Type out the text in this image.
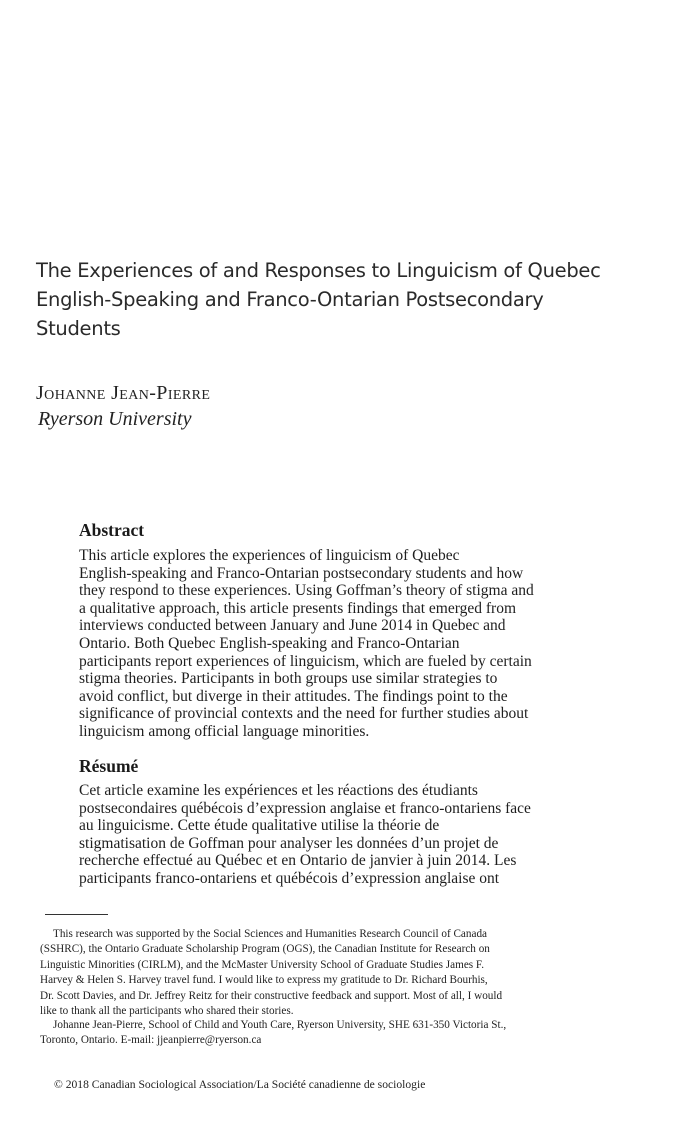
The Experiences of and Responses to Linguicism of Quebec
English-Speaking and Franco-Ontarian Postsecondary
Students
Johanne Jean-Pierre
Ryerson University
Abstract

This article explores the experiences of linguicism of Quebec
English-speaking and Franco-Ontarian postsecondary students and how
they respond to these experiences. Using Goffman’s theory of stigma and
a qualitative approach, this article presents findings that emerged from
interviews conducted between January and June 2014 in Quebec and
Ontario. Both Quebec English-speaking and Franco-Ontarian
participants report experiences of linguicism, which are fueled by certain
stigma theories. Participants in both groups use similar strategies to
avoid conflict, but diverge in their attitudes. The findings point to the
significance of provincial contexts and the need for further studies about
linguicism among official language minorities.

Résumé

Cet article examine les expériences et les réactions des étudiants
postsecondaires québécois d’expression anglaise et franco-ontariens face
au linguicisme. Cette étude qualitative utilise la théorie de
stigmatisation de Goffman pour analyser les données d’un projet de
recherche effectué au Québec et en Ontario de janvier à juin 2014. Les
participants franco-ontariens et québécois d’expression anglaise ont

This research was supported by the Social Sciences and Humanities Research Council of Canada
(SSHRC), the Ontario Graduate Scholarship Program (OGS), the Canadian Institute for Research on
Linguistic Minorities (CIRLM), and the McMaster University School of Graduate Studies James F.
Harvey & Helen S. Harvey travel fund. I would like to express my gratitude to Dr. Richard Bourhis,
Dr. Scott Davies, and Dr. Jeffrey Reitz for their constructive feedback and support. Most of all, I would
like to thank all the participants who shared their stories.

Johanne Jean-Pierre, School of Child and Youth Care, Ryerson University, SHE 631-350 Victoria St.,
Toronto, Ontario. E-mail: jjeanpierre@ryerson.ca

© 2018 Canadian Sociological Association/La Société canadienne de sociologie
